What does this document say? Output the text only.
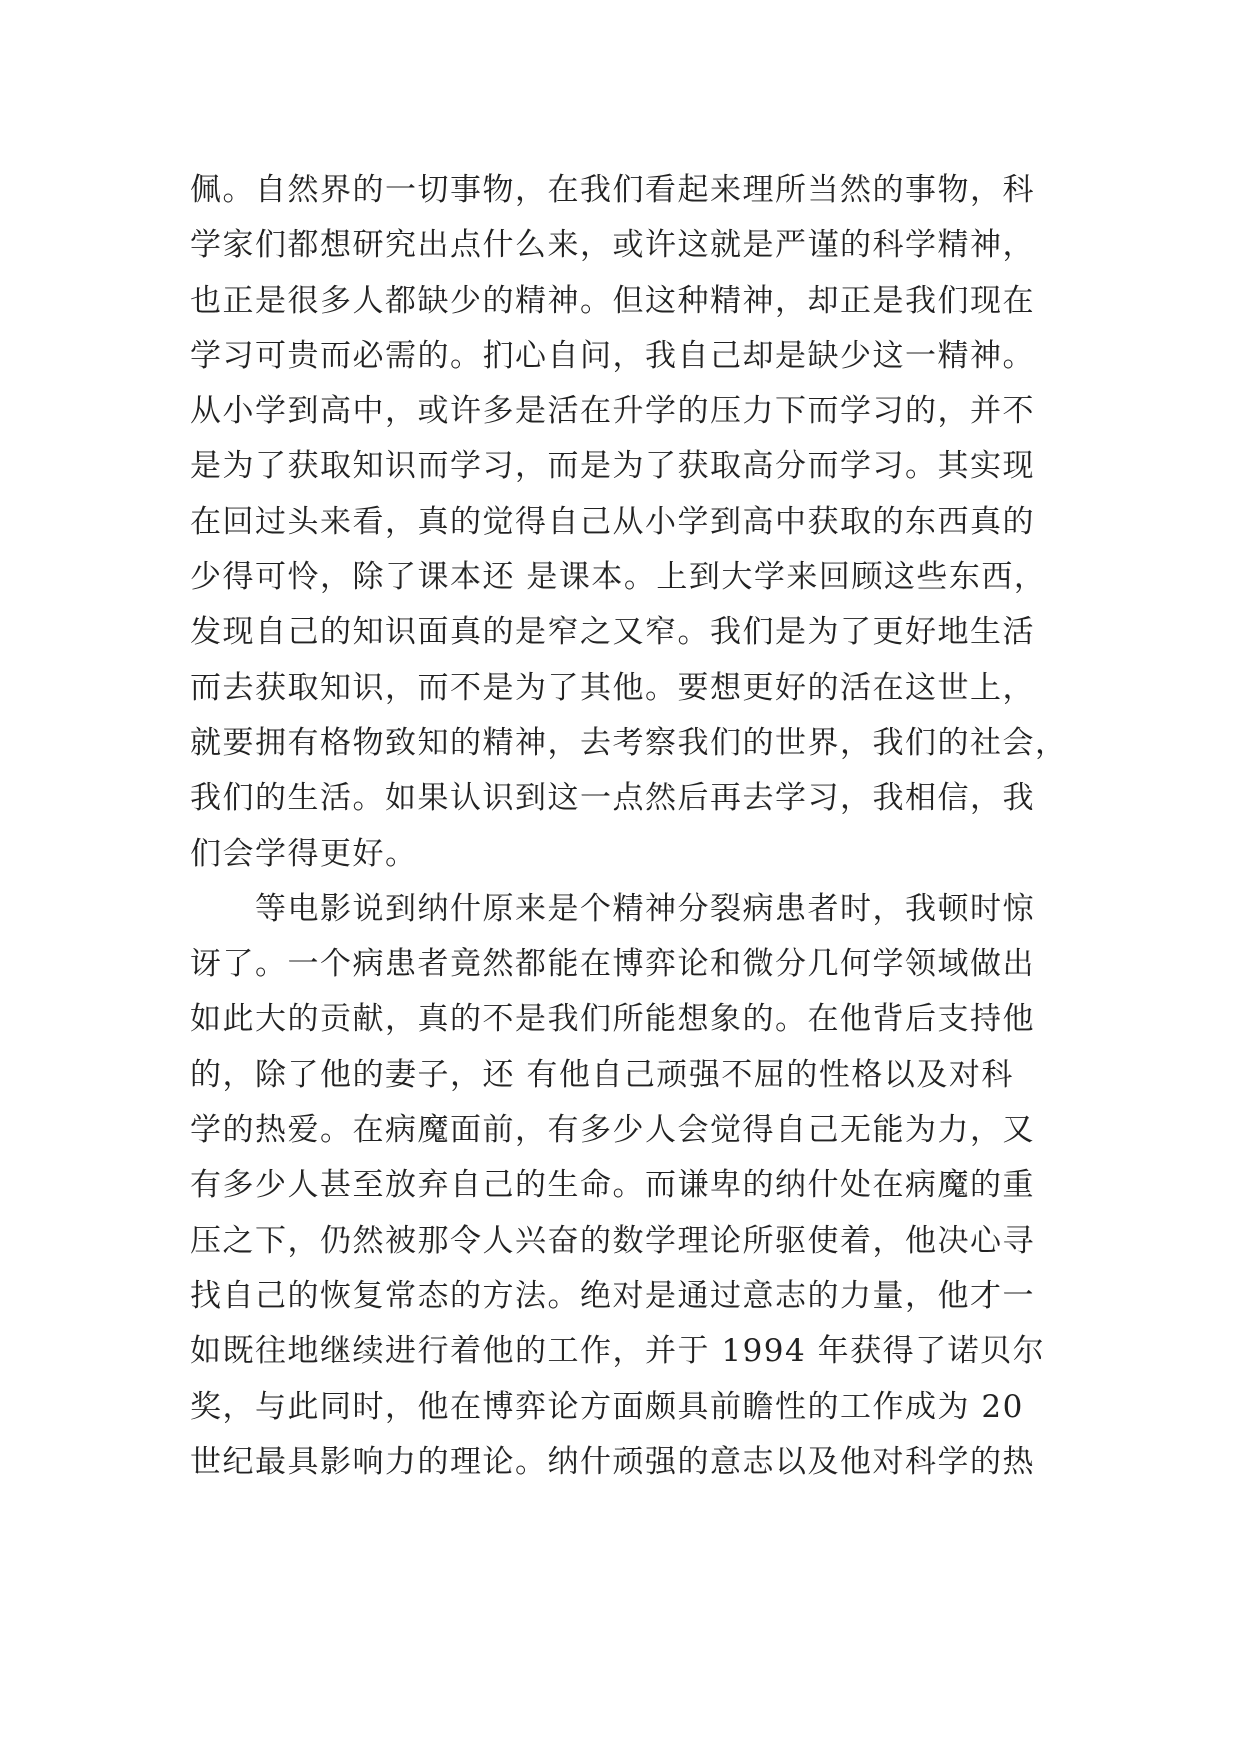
佩。自然界的一切事物，在我们看起来理所当然的事物，科
学家们都想研究出点什么来，或许这就是严谨的科学精神，
也正是很多人都缺少的精神。但这种精神，却正是我们现在
学习可贵而必需的。扪心自问，我自己却是缺少这一精神。
从小学到高中，或许多是活在升学的压力下而学习的，并不
是为了获取知识而学习，而是为了获取高分而学习。其实现
在回过头来看，真的觉得自己从小学到高中获取的东西真的
少得可怜，除了课本还 是课本。上到大学来回顾这些东西，
发现自己的知识面真的是窄之又窄。我们是为了更好地生活
而去获取知识，而不是为了其他。要想更好的活在这世上，
就要拥有格物致知的精神，去考察我们的世界，我们的社会，
我们的生活。如果认识到这一点然后再去学习，我相信，我
们会学得更好。
　　等电影说到纳什原来是个精神分裂病患者时，我顿时惊
讶了。一个病患者竟然都能在博弈论和微分几何学领域做出
如此大的贡献，真的不是我们所能想象的。在他背后支持他
的，除了他的妻子，还 有他自己顽强不屈的性格以及对科
学的热爱。在病魔面前，有多少人会觉得自己无能为力，又
有多少人甚至放弃自己的生命。而谦卑的纳什处在病魔的重
压之下，仍然被那令人兴奋的数学理论所驱使着，他决心寻
找自己的恢复常态的方法。绝对是通过意志的力量，他才一
如既往地继续进行着他的工作，并于 1994 年获得了诺贝尔
奖，与此同时，他在博弈论方面颇具前瞻性的工作成为 20
世纪最具影响力的理论。纳什顽强的意志以及他对科学的热
